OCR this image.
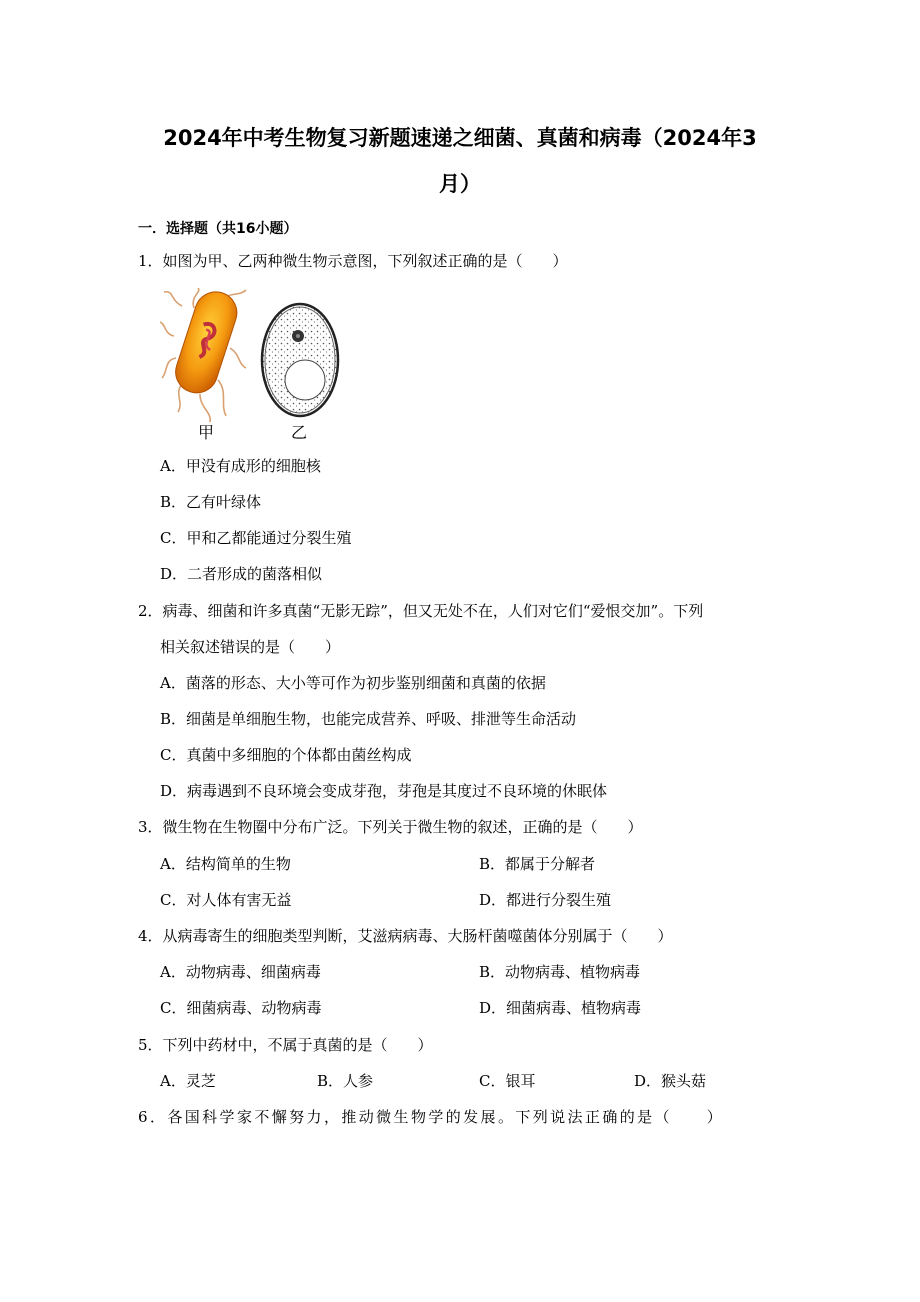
2024年中考生物复习新题速递之细菌、真菌和病毒（2024年3
月）
一．选择题（共16小题）
1．如图为甲、乙两种微生物示意图，下列叙述正确的是（　　）
甲	乙
A．甲没有成形的细胞核
B．乙有叶绿体
C．甲和乙都能通过分裂生殖
D．二者形成的菌落相似
2．病毒、细菌和许多真菌“无影无踪”，但又无处不在，人们对它们“爱恨交加”。下列
相关叙述错误的是（　　）
A．菌落的形态、大小等可作为初步鉴别细菌和真菌的依据
B．细菌是单细胞生物，也能完成营养、呼吸、排泄等生命活动
C．真菌中多细胞的个体都由菌丝构成
D．病毒遇到不良环境会变成芽孢，芽孢是其度过不良环境的休眠体
3．微生物在生物圈中分布广泛。下列关于微生物的叙述，正确的是（　　）
A．结构简单的生物	B．都属于分解者
C．对人体有害无益	D．都进行分裂生殖
4．从病毒寄生的细胞类型判断，艾滋病病毒、大肠杆菌噬菌体分别属于（　　）
A．动物病毒、细菌病毒	B．动物病毒、植物病毒
C．细菌病毒、动物病毒	D．细菌病毒、植物病毒
5．下列中药材中，不属于真菌的是（　　）
A．灵芝	B．人参	C．银耳	D．猴头菇
6．各国科学家不懈努力，推动微生物学的发展。下列说法正确的是（　　）
